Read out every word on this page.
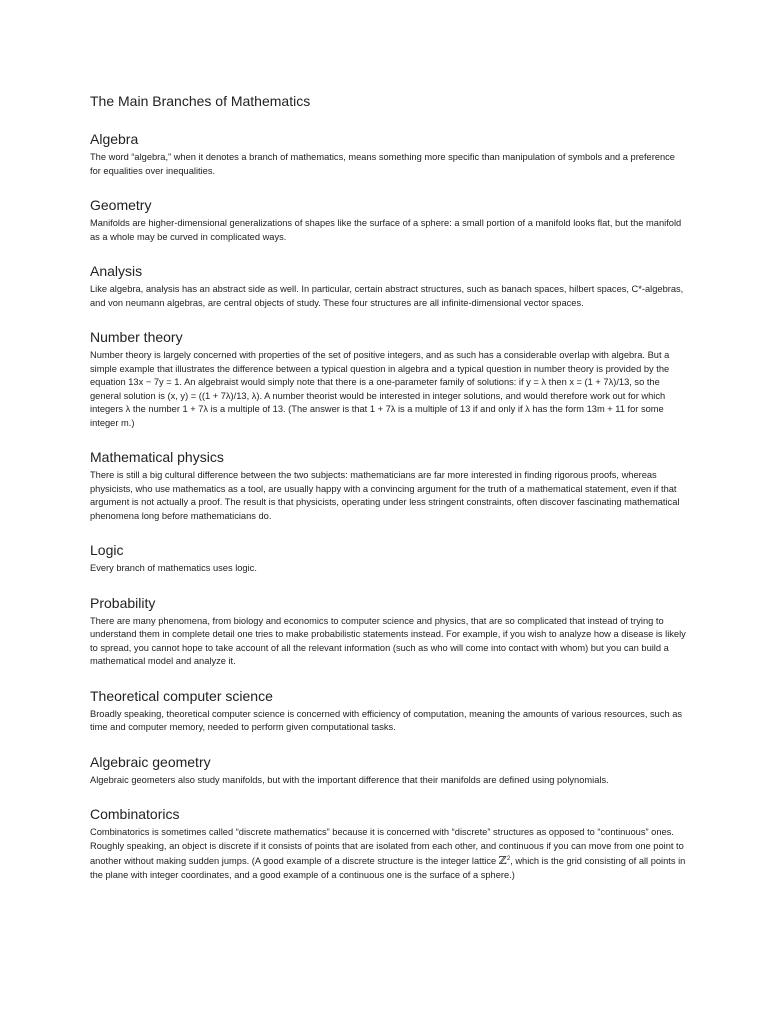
The Main Branches of Mathematics
Algebra

The word “algebra,” when it denotes a branch of mathematics, means something more specific than manipulation of symbols and a preference for equalities over inequalities.

Geometry

Manifolds are higher-dimensional generalizations of shapes like the surface of a sphere: a small portion of a manifold looks flat, but the manifold as a whole may be curved in complicated ways.

Analysis

Like algebra, analysis has an abstract side as well. In particular, certain abstract structures, such as banach spaces, hilbert spaces, C*-algebras, and von neumann algebras, are central objects of study. These four structures are all infinite-dimensional vector spaces.

Number theory

Number theory is largely concerned with properties of the set of positive integers, and as such has a considerable overlap with algebra. But a simple example that illustrates the difference between a typical question in algebra and a typical question in number theory is provided by the equation 13x − 7y = 1. An algebraist would simply note that there is a one-parameter family of solutions: if y = λ then x = (1 + 7λ)/13, so the general solution is (x, y) = ((1 + 7λ)/13, λ). A number theorist would be interested in integer solutions, and would therefore work out for which integers λ the number 1 + 7λ is a multiple of 13. (The answer is that 1 + 7λ is a multiple of 13 if and only if λ has the form 13m + 11 for some integer m.)

Mathematical physics

There is still a big cultural difference between the two subjects: mathematicians are far more interested in finding rigorous proofs, whereas physicists, who use mathematics as a tool, are usually happy with a convincing argument for the truth of a mathematical statement, even if that argument is not actually a proof. The result is that physicists, operating under less stringent constraints, often discover fascinating mathematical phenomena long before mathematicians do.

Logic

Every branch of mathematics uses logic.

Probability

There are many phenomena, from biology and economics to computer science and physics, that are so complicated that instead of trying to understand them in complete detail one tries to make probabilistic statements instead. For example, if you wish to analyze how a disease is likely to spread, you cannot hope to take account of all the relevant information (such as who will come into contact with whom) but you can build a mathematical model and analyze it.

Theoretical computer science

Broadly speaking, theoretical computer science is concerned with efficiency of computation, meaning the amounts of various resources, such as time and computer memory, needed to perform given computational tasks.

Algebraic geometry

Algebraic geometers also study manifolds, but with the important difference that their manifolds are defined using polynomials.

Combinatorics

Combinatorics is sometimes called “discrete mathematics” because it is concerned with “discrete” structures as opposed to “continuous” ones. Roughly speaking, an object is discrete if it consists of points that are isolated from each other, and continuous if you can move from one point to another without making sudden jumps. (A good example of a discrete structure is the integer lattice ℤ$^2$, which is the grid consisting of all points in the plane with integer coordinates, and a good example of a continuous one is the surface of a sphere.)
